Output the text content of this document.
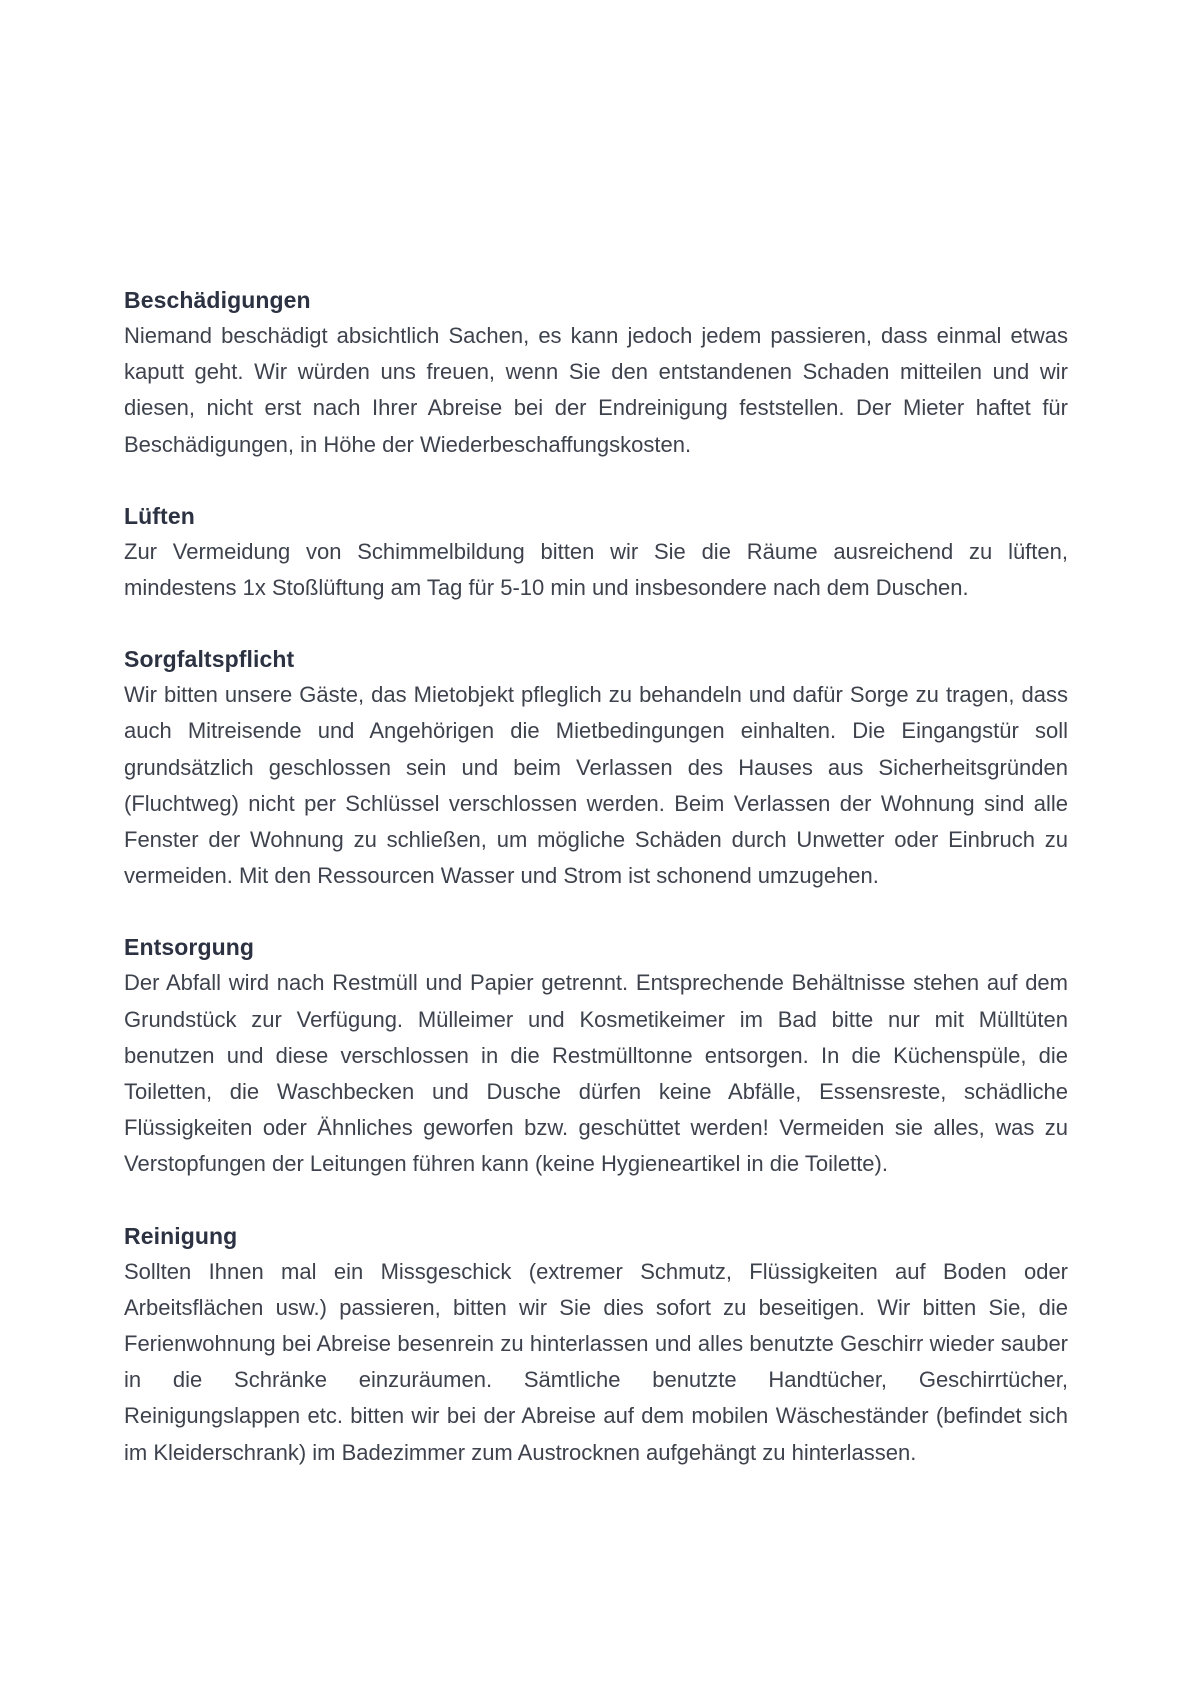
Beschädigungen

Niemand beschädigt absichtlich Sachen, es kann jedoch jedem passieren, dass einmal etwas kaputt geht. Wir würden uns freuen, wenn Sie den entstandenen Schaden mitteilen und wir diesen, nicht erst nach Ihrer Abreise bei der Endreinigung feststellen. Der Mieter haftet für Beschädigungen, in Höhe der Wiederbeschaffungskosten.

Lüften

Zur Vermeidung von Schimmelbildung bitten wir Sie die Räume ausreichend zu lüften, mindestens 1x Stoßlüftung am Tag für 5-10 min und insbesondere nach dem Duschen.

Sorgfaltspflicht

Wir bitten unsere Gäste, das Mietobjekt pfleglich zu behandeln und dafür Sorge zu tragen, dass auch Mitreisende und Angehörigen die Mietbedingungen einhalten. Die Eingangstür soll grundsätzlich geschlossen sein und beim Verlassen des Hauses aus Sicherheitsgründen (Fluchtweg) nicht per Schlüssel verschlossen werden. Beim Verlassen der Wohnung sind alle Fenster der Wohnung zu schließen, um mögliche Schäden durch Unwetter oder Einbruch zu vermeiden. Mit den Ressourcen Wasser und Strom ist schonend umzugehen.

Entsorgung

Der Abfall wird nach Restmüll und Papier getrennt. Entsprechende Behältnisse stehen auf dem Grundstück zur Verfügung. Mülleimer und Kosmetikeimer im Bad bitte nur mit Mülltüten benutzen und diese verschlossen in die Restmülltonne entsorgen. In die Küchenspüle, die Toiletten, die Waschbecken und Dusche dürfen keine Abfälle, Essensreste, schädliche Flüssigkeiten oder Ähnliches geworfen bzw. geschüttet werden! Vermeiden sie alles, was zu Verstopfungen der Leitungen führen kann (keine Hygieneartikel in die Toilette).

Reinigung

Sollten Ihnen mal ein Missgeschick (extremer Schmutz, Flüssigkeiten auf Boden oder Arbeitsflächen usw.) passieren, bitten wir Sie dies sofort zu beseitigen. Wir bitten Sie, die Ferienwohnung bei Abreise besenrein zu hinterlassen und alles benutzte Geschirr wieder sauber in die Schränke einzuräumen. Sämtliche benutzte Handtücher, Geschirrtücher, Reinigungslappen etc. bitten wir bei der Abreise auf dem mobilen Wäscheständer (befindet sich im Kleiderschrank) im Badezimmer zum Austrocknen aufgehängt zu hinterlassen.
